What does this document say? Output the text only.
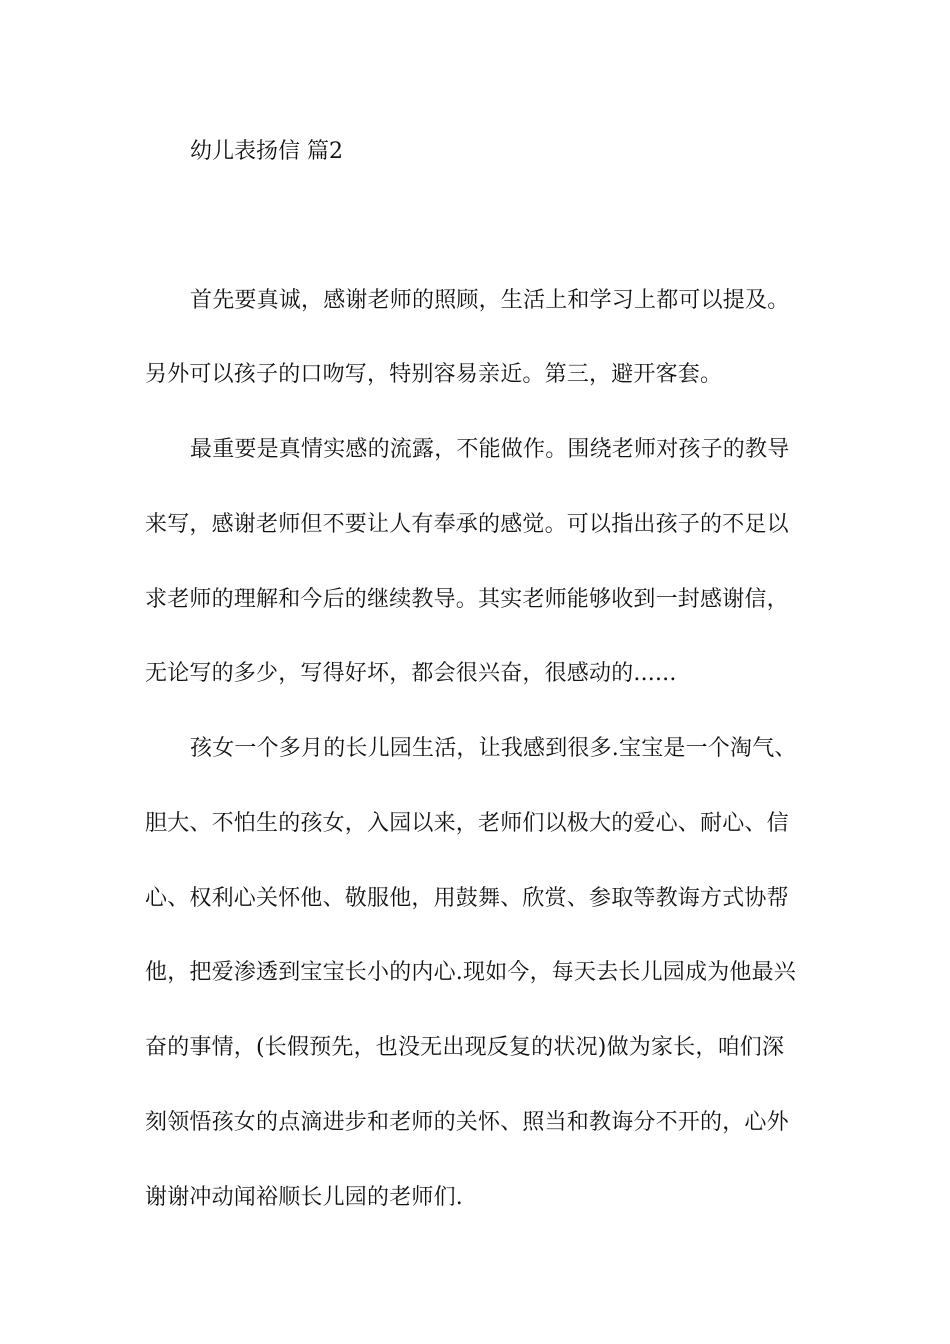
幼儿表扬信 篇2
首先要真诚，感谢老师的照顾，生活上和学习上都可以提及。
另外可以孩子的口吻写，特别容易亲近。第三，避开客套。
最重要是真情实感的流露，不能做作。围绕老师对孩子的教导
来写，感谢老师但不要让人有奉承的感觉。可以指出孩子的不足以
求老师的理解和今后的继续教导。其实老师能够收到一封感谢信，
无论写的多少，写得好坏，都会很兴奋，很感动的......
孩女一个多月的长儿园生活，让我感到很多.宝宝是一个淘气、
胆大、不怕生的孩女，入园以来，老师们以极大的爱心、耐心、信
心、权利心关怀他、敬服他，用鼓舞、欣赏、参取等教诲方式协帮
他，把爱渗透到宝宝长小的内心.现如今，每天去长儿园成为他最兴
奋的事情，(长假预先，也没无出现反复的状况)做为家长，咱们深
刻领悟孩女的点滴进步和老师的关怀、照当和教诲分不开的，心外
谢谢冲动闻裕顺长儿园的老师们.
